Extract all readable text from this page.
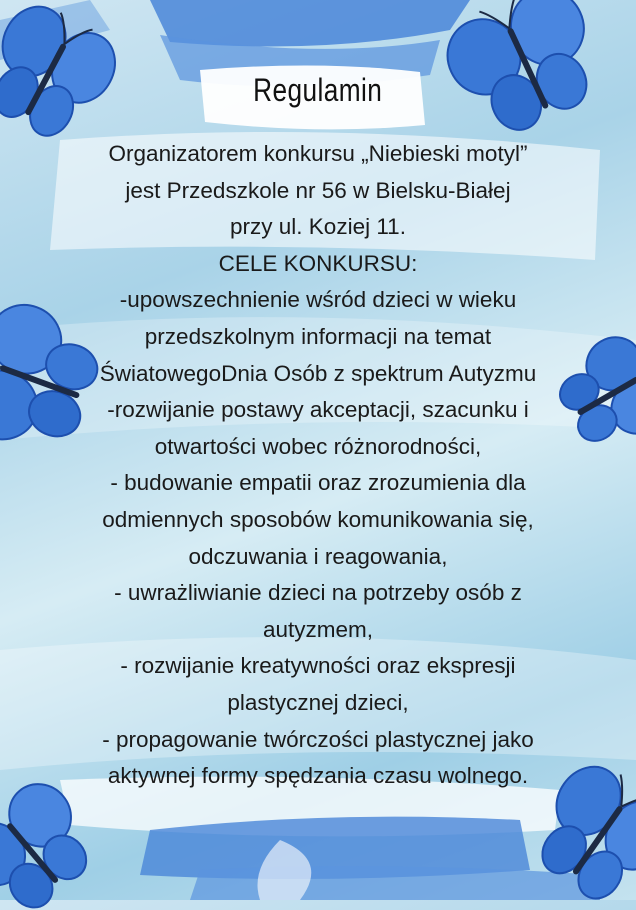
Regulamin
Organizatorem konkursu „Niebieski motyl”
jest Przedszkole nr 56 w Bielsku-Białej
przy ul. Koziej 11.
CELE KONKURSU:
-upowszechnienie wśród dzieci w wieku
przedszkolnym informacji na temat
ŚwiatowegoDnia Osób z spektrum Autyzmu
-rozwijanie postawy akceptacji, szacunku i
otwartości wobec różnorodności,
- budowanie empatii oraz zrozumienia dla
odmiennych sposobów komunikowania się,
odczuwania i reagowania,
- uwrażliwianie dzieci na potrzeby osób z
autyzmem,
- rozwijanie kreatywności oraz ekspresji
plastycznej dzieci,
- propagowanie twórczości plastycznej jako
aktywnej formy spędzania czasu wolnego.
